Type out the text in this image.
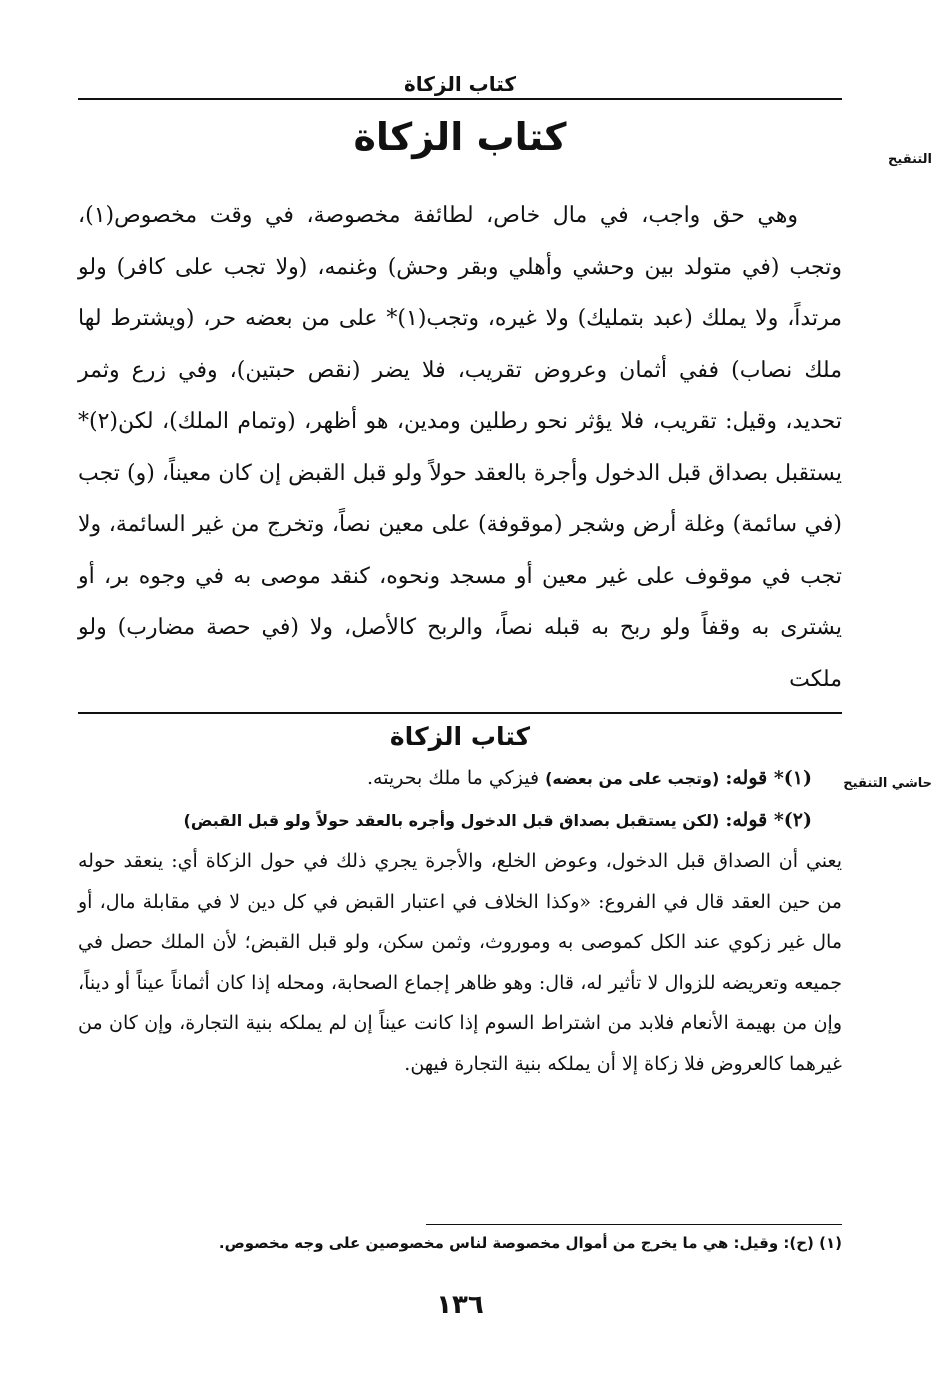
كتاب الزكاة
كتاب الزكاة
التنقيح

وهي حق واجب، في مال خاص، لطائفة مخصوصة، في وقت مخصوص(١)، وتجب (في متولد بين وحشي وأهلي وبقر وحش) وغنمه، (ولا تجب على كافر) ولو مرتداً، ولا يملك (عبد بتمليك) ولا غيره، وتجب(١)* على من بعضه حر، (ويشترط لها ملك نصاب) ففي أثمان وعروض تقريب، فلا يضر (نقص حبتين)، وفي زرع وثمر تحديد، وقيل: تقريب، فلا يؤثر نحو رطلين ومدين، هو أظهر، (وتمام الملك)، لكن(٢)* يستقبل بصداق قبل الدخول وأجرة بالعقد حولاً ولو قبل القبض إن كان معيناً، (و) تجب (في سائمة) وغلة أرض وشجر (موقوفة) على معين نصاً، وتخرج من غير السائمة، ولا تجب في موقوف على غير معين أو مسجد ونحوه، كنقد موصى به في وجوه بر، أو يشترى به وقفاً ولو ربح به قبله نصاً، والربح كالأصل، ولا (في حصة مضارب) ولو ملكت

كتاب الزكاة
حاشي التنقيح

(١)* قوله: (وتجب على من بعضه) فيزكي ما ملك بحريته.

(٢)* قوله: (لكن يستقبل بصداق قبل الدخول وأجره بالعقد حولاً ولو قبل القبض)

يعني أن الصداق قبل الدخول، وعوض الخلع، والأجرة يجري ذلك في حول الزكاة أي: ينعقد حوله من حين العقد قال في الفروع: «وكذا الخلاف في اعتبار القبض في كل دين لا في مقابلة مال، أو مال غير زكوي عند الكل كموصى به وموروث، وثمن سكن، ولو قبل القبض؛ لأن الملك حصل في جميعه وتعريضه للزوال لا تأثير له، قال: وهو ظاهر إجماع الصحابة، ومحله إذا كان أثماناً عيناً أو ديناً، وإن من بهيمة الأنعام فلابد من اشتراط السوم إذا كانت عيناً إن لم يملكه بنية التجارة، وإن كان من غيرهما كالعروض فلا زكاة إلا أن يملكه بنية التجارة فيهن.

(١) (ح): وقيل: هي ما يخرج من أموال مخصوصة لناس مخصوصين على وجه مخصوص.
١٣٦
